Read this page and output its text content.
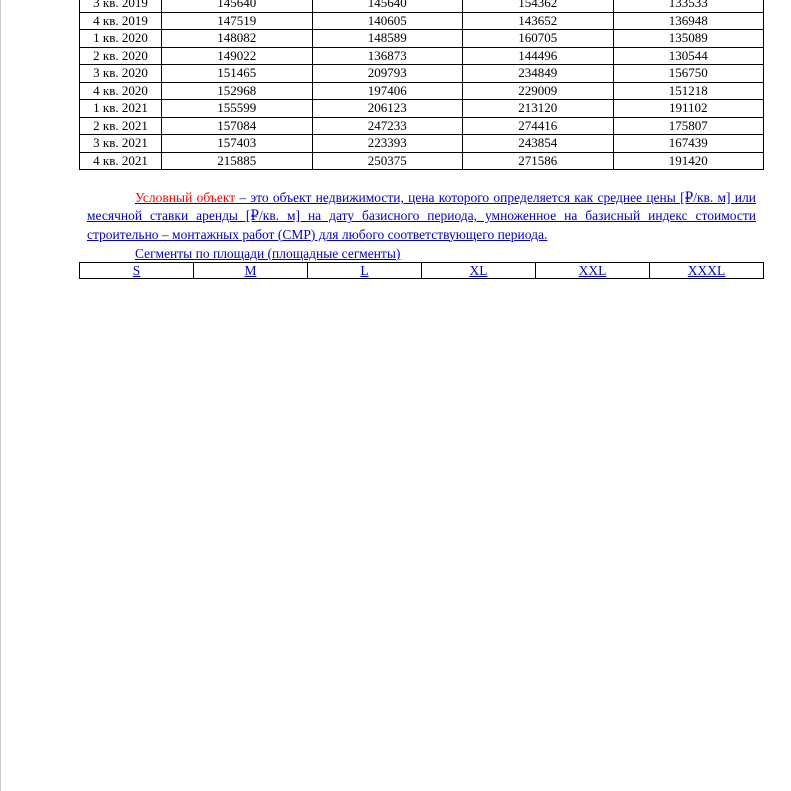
3 кв. 2019	145640	145640	154362	133533
4 кв. 2019	147519	140605	143652	136948
1 кв. 2020	148082	148589	160705	135089
2 кв. 2020	149022	136873	144496	130544
3 кв. 2020	151465	209793	234849	156750
4 кв. 2020	152968	197406	229009	151218
1 кв. 2021	155599	206123	213120	191102
2 кв. 2021	157084	247233	274416	175807
3 кв. 2021	157403	223393	243854	167439
4 кв. 2021	215885	250375	271586	191420

Условный объект – это объект недвижимости, цена которого определяется как среднее цены [₽/кв. м] или месячной ставки аренды [₽/кв. м] на дату базисного периода, умноженное на базисный индекс стоимости строительно – монтажных работ (СМР) для любого соответствующего периода.

Сегменты по площади (площадные сегменты)
S	M	L	XL	XXL	XXXL
